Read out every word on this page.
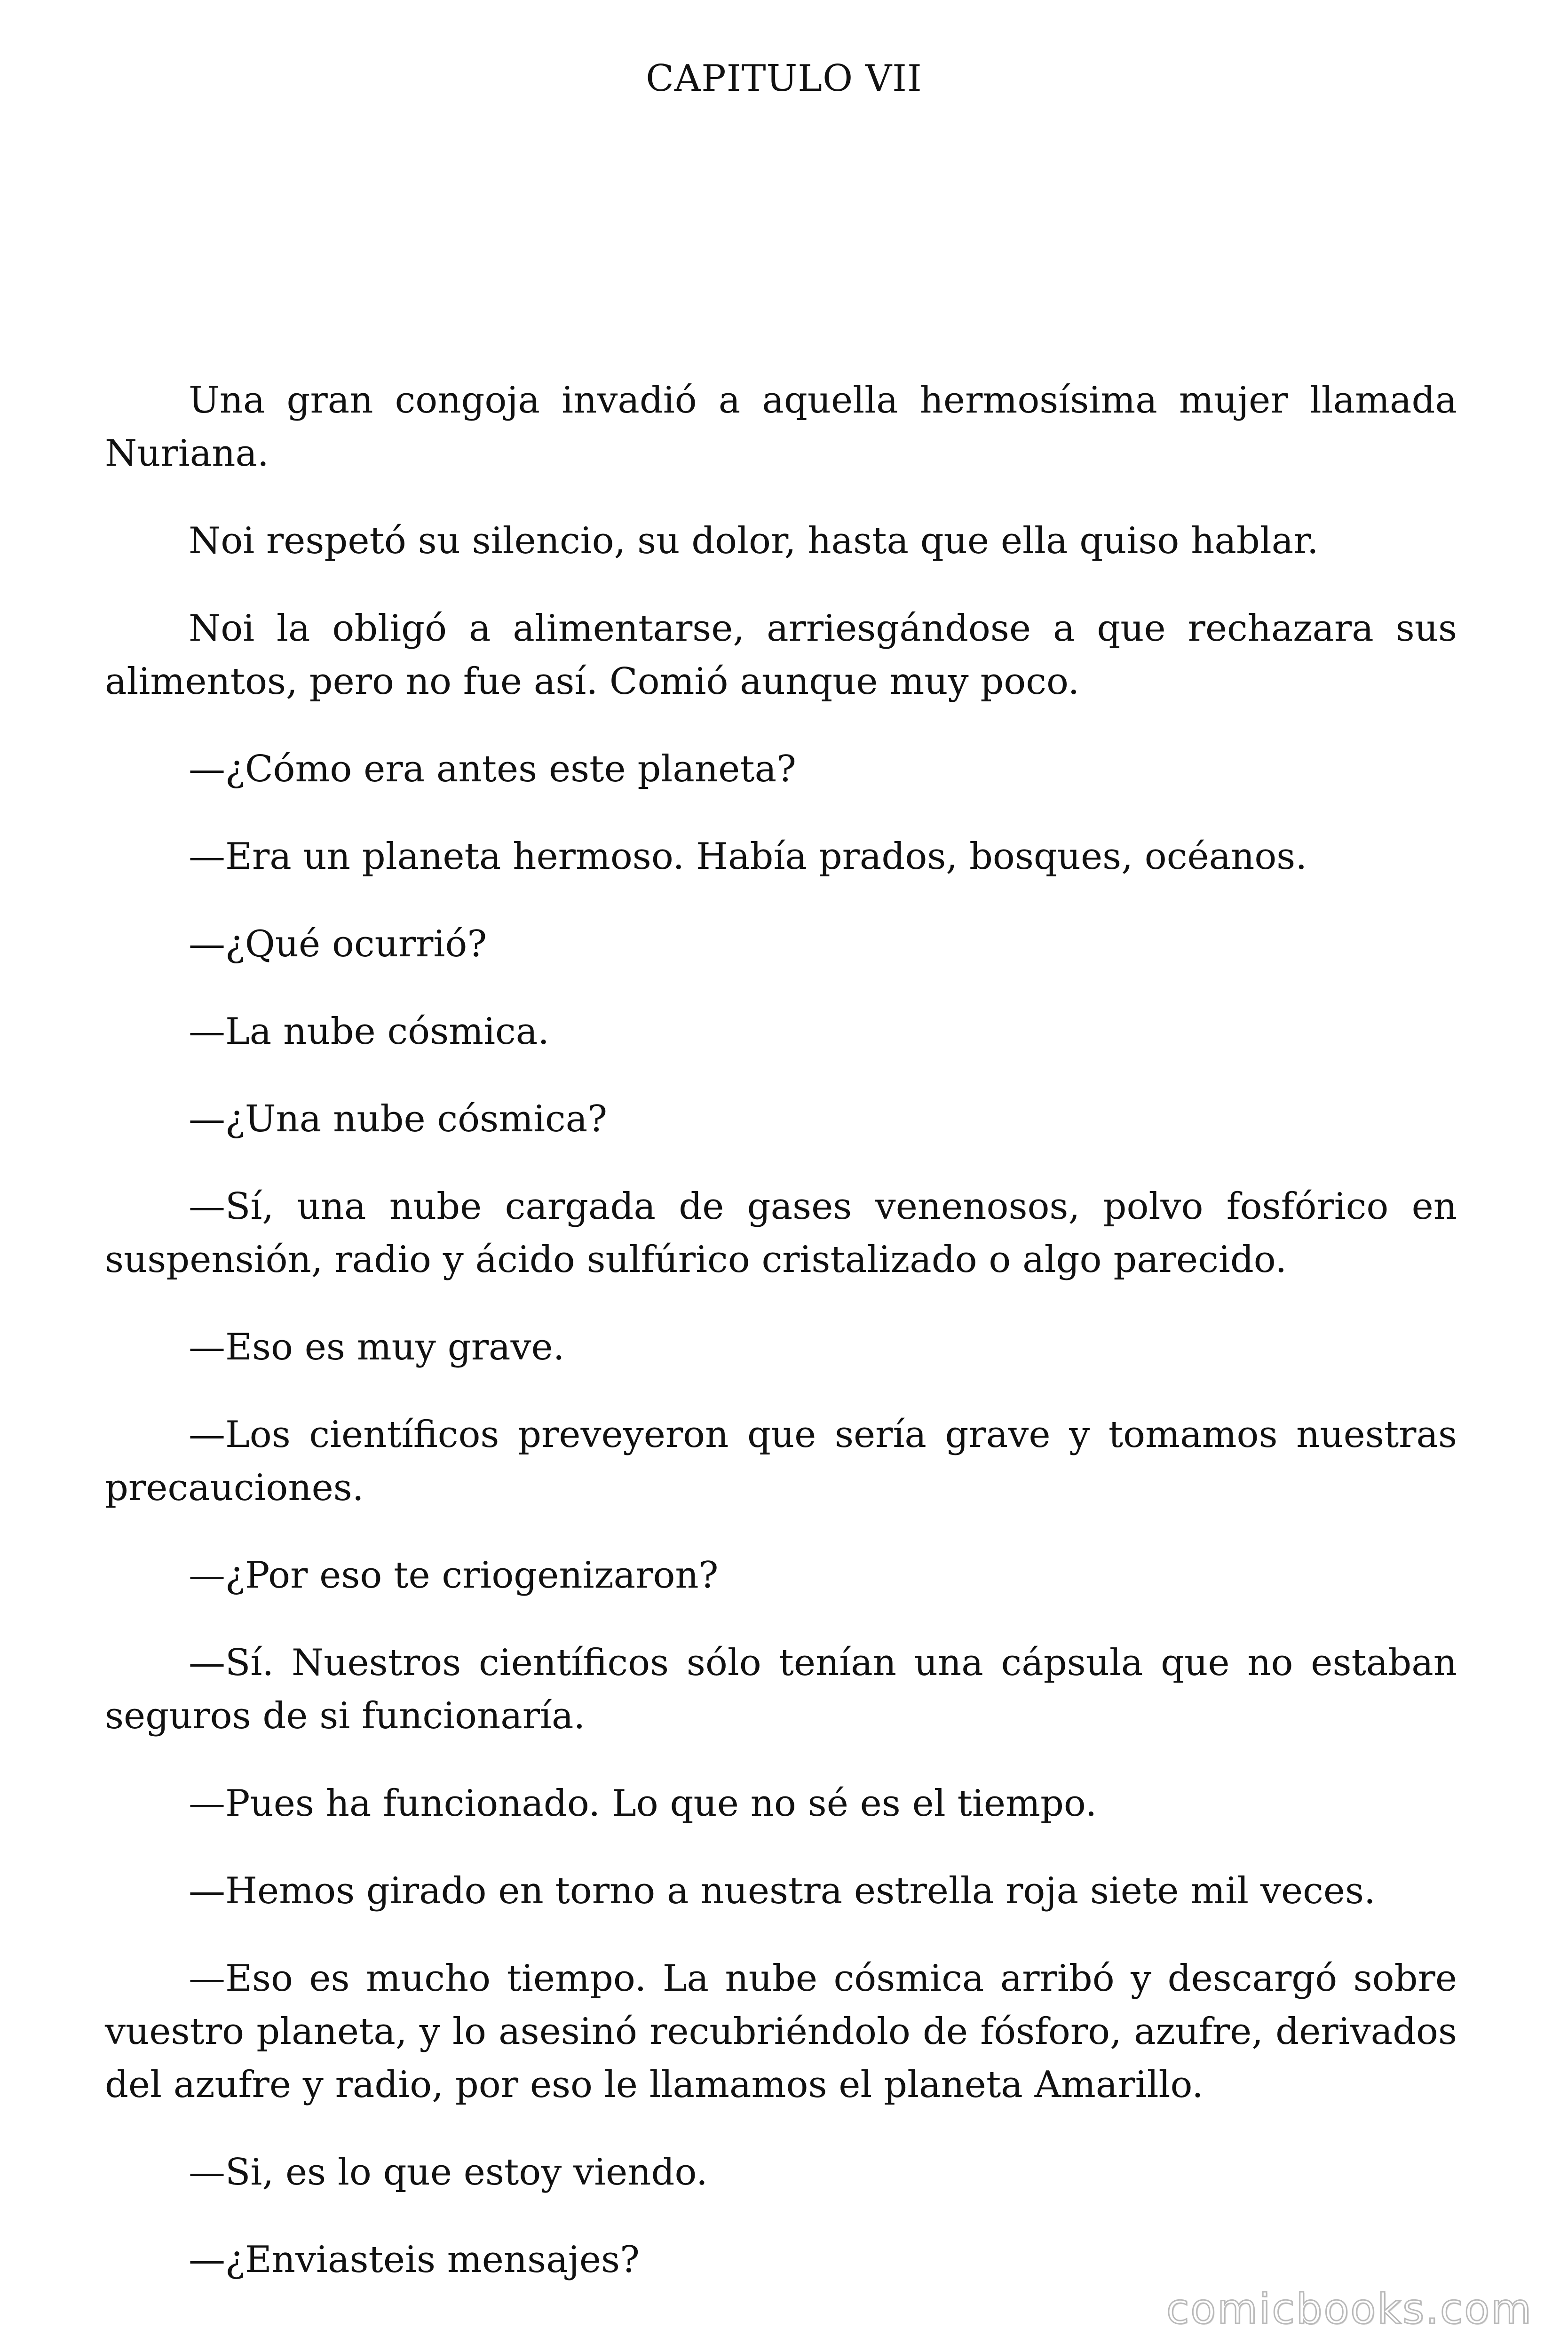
CAPITULO VII

Una gran congoja invadió a aquella hermosísima mujer llamada Nuriana.

Noi respetó su silencio, su dolor, hasta que ella quiso hablar.

Noi la obligó a alimentarse, arriesgándose a que rechazara sus alimentos, pero no fue así. Comió aunque muy poco.

—¿Cómo era antes este planeta?

—Era un planeta hermoso. Había prados, bosques, océanos.

—¿Qué ocurrió?

—La nube cósmica.

—¿Una nube cósmica?

—Sí, una nube cargada de gases venenosos, polvo fosfórico en suspensión, radio y ácido sulfúrico cristalizado o algo parecido.

—Eso es muy grave.

—Los científicos preveyeron que sería grave y tomamos nuestras precauciones.

—¿Por eso te criogenizaron?

—Sí. Nuestros científicos sólo tenían una cápsula que no estaban seguros de si funcionaría.

—Pues ha funcionado. Lo que no sé es el tiempo.

—Hemos girado en torno a nuestra estrella roja siete mil veces.

—Eso es mucho tiempo. La nube cósmica arribó y descargó sobre vuestro planeta, y lo asesinó recubriéndolo de fósforo, azufre, derivados del azufre y radio, por eso le llamamos el planeta Amarillo.

—Si, es lo que estoy viendo.

—¿Enviasteis mensajes?

comicbooks.com
